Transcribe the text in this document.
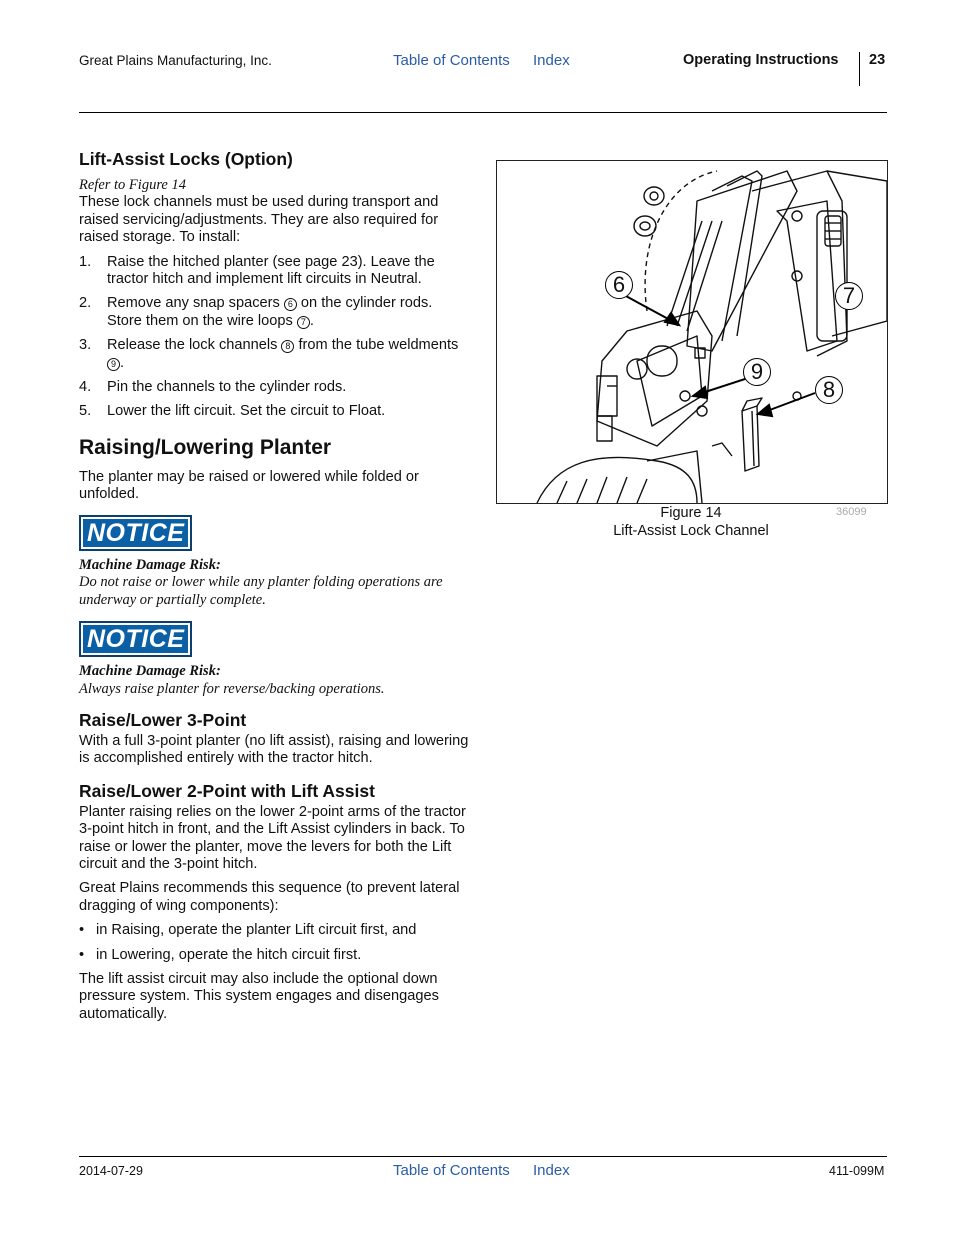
Great Plains Manufacturing, Inc.	Table of Contents Index	Operating Instructions 23
Lift-Assist Locks (Option)
Refer to Figure 14

These lock channels must be used during transport and raised servicing/adjustments. They are also required for raised storage. To install:

1. Raise the hitched planter (see page 23). Leave the tractor hitch and implement lift circuits in Neutral.
2. Remove any snap spacers 6 on the cylinder rods. Store them on the wire loops 7 .
3. Release the lock channels 8 from the tube weldments 9 .
4. Pin the channels to the cylinder rods.
5. Lower the lift circuit. Set the circuit to Float.
Raising/Lowering Planter

The planter may be raised or lowered while folded or unfolded.

NOTICE
Machine Damage Risk:
Do not raise or lower while any planter folding operations are underway or partially complete.
NOTICE
Machine Damage Risk:
Always raise planter for reverse/backing operations.
Raise/Lower 3-Point

With a full 3-point planter (no lift assist), raising and lowering is accomplished entirely with the tractor hitch.

Raise/Lower 2-Point with Lift Assist

Planter raising relies on the lower 2-point arms of the tractor 3-point hitch in front, and the Lift Assist cylinders in back. To raise or lower the planter, move the levers for both the Lift circuit and the 3-point hitch.

Great Plains recommends this sequence (to prevent lateral dragging of wing components):

• in Raising, operate the planter Lift circuit first, and
• in Lowering, operate the hitch circuit first.

The lift assist circuit may also include the optional down pressure system. This system engages and disengages automatically.

6	7
9
8
Figure 14
Lift-Assist Lock Channel
36099
2014-07-29	Table of Contents Index	411-099M
